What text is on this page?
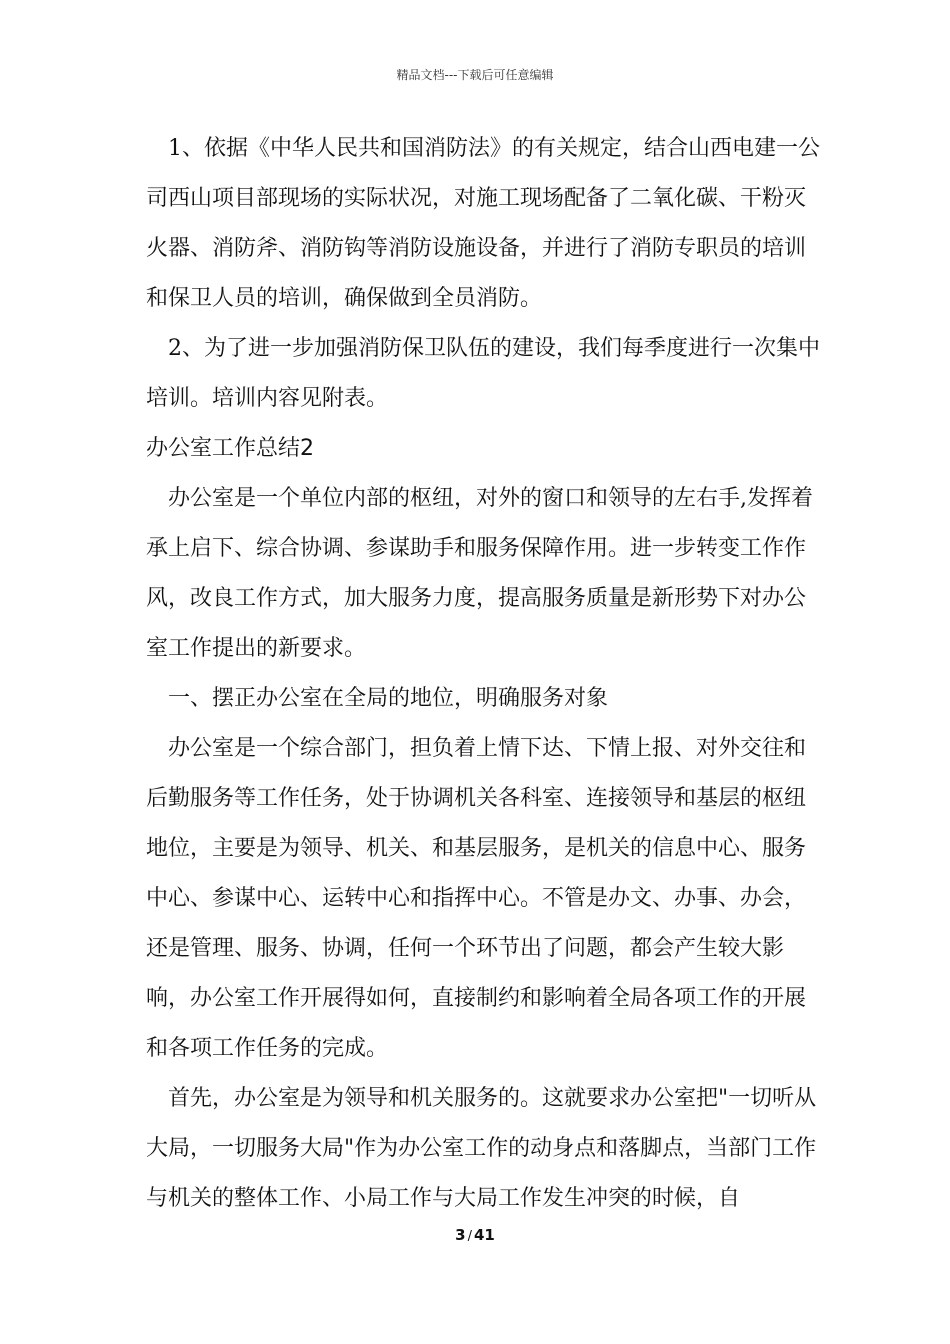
精品文档---下载后可任意编辑

1、依据《中华人民共和国消防法》的有关规定，结合山西电建一公司西山项目部现场的实际状况，对施工现场配备了二氧化碳、干粉灭火器、消防斧、消防钩等消防设施设备，并进行了消防专职员的培训和保卫人员的培训，确保做到全员消防。

2、为了进一步加强消防保卫队伍的建设，我们每季度进行一次集中培训。培训内容见附表。

办公室工作总结2

办公室是一个单位内部的枢纽，对外的窗口和领导的左右手,发挥着承上启下、综合协调、参谋助手和服务保障作用。进一步转变工作作风，改良工作方式，加大服务力度，提高服务质量是新形势下对办公室工作提出的新要求。

一、摆正办公室在全局的地位，明确服务对象

办公室是一个综合部门，担负着上情下达、下情上报、对外交往和后勤服务等工作任务，处于协调机关各科室、连接领导和基层的枢纽地位，主要是为领导、机关、和基层服务，是机关的信息中心、服务中心、参谋中心、运转中心和指挥中心。不管是办文、办事、办会，还是管理、服务、协调，任何一个环节出了问题，都会产生较大影响，办公室工作开展得如何，直接制约和影响着全局各项工作的开展和各项工作任务的完成。

首先，办公室是为领导和机关服务的。这就要求办公室把"一切听从大局，一切服务大局"作为办公室工作的动身点和落脚点，当部门工作与机关的整体工作、小局工作与大局工作发生冲突的时候，自

3 / 41
